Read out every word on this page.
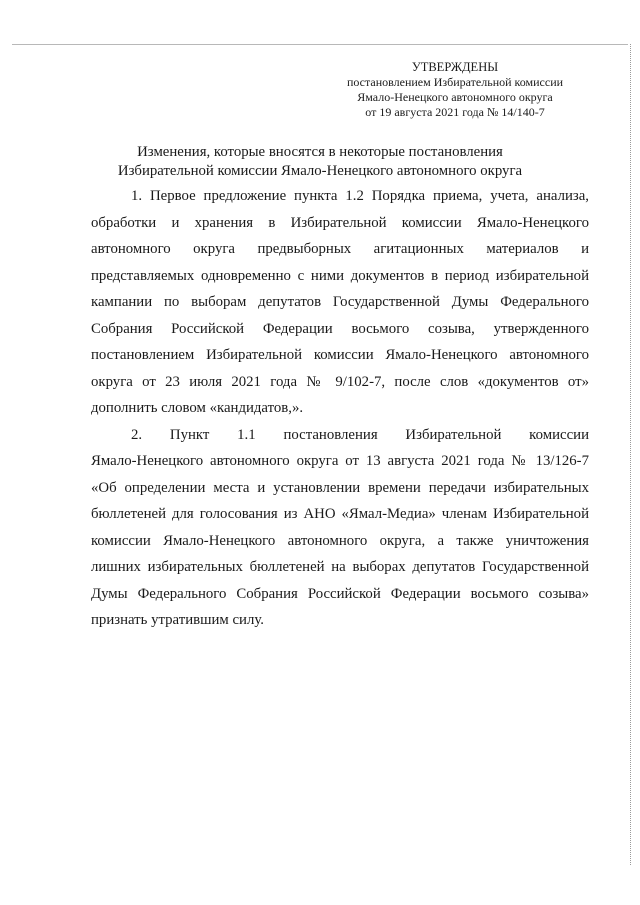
УТВЕРЖДЕНЫ
постановлением Избирательной комиссии
Ямало-Ненецкого автономного округа
от 19 августа 2021 года № 14/140-7
Изменения, которые вносятся в некоторые постановления
Избирательной комиссии Ямало-Ненецкого автономного округа
1. Первое предложение пункта 1.2 Порядка приема, учета, анализа,
обработки и хранения в Избирательной комиссии Ямало-Ненецкого
автономного округа предвыборных агитационных материалов и
представляемых одновременно с ними документов в период избирательной
кампании по выборам депутатов Государственной Думы Федерального
Собрания Российской Федерации восьмого созыва, утвержденного
постановлением Избирательной комиссии Ямало-Ненецкого автономного
округа от 23 июля 2021 года № 9/102-7, после слов «документов от»
дополнить словом «кандидатов,».
2. Пункт 1.1 постановления Избирательной комиссии
Ямало-Ненецкого автономного округа от 13 августа 2021 года № 13/126-7
«Об определении места и установлении времени передачи избирательных
бюллетеней для голосования из АНО «Ямал-Медиа» членам Избирательной
комиссии Ямало-Ненецкого автономного округа, а также уничтожения
лишних избирательных бюллетеней на выборах депутатов Государственной
Думы Федерального Собрания Российской Федерации восьмого созыва»
признать утратившим силу.
